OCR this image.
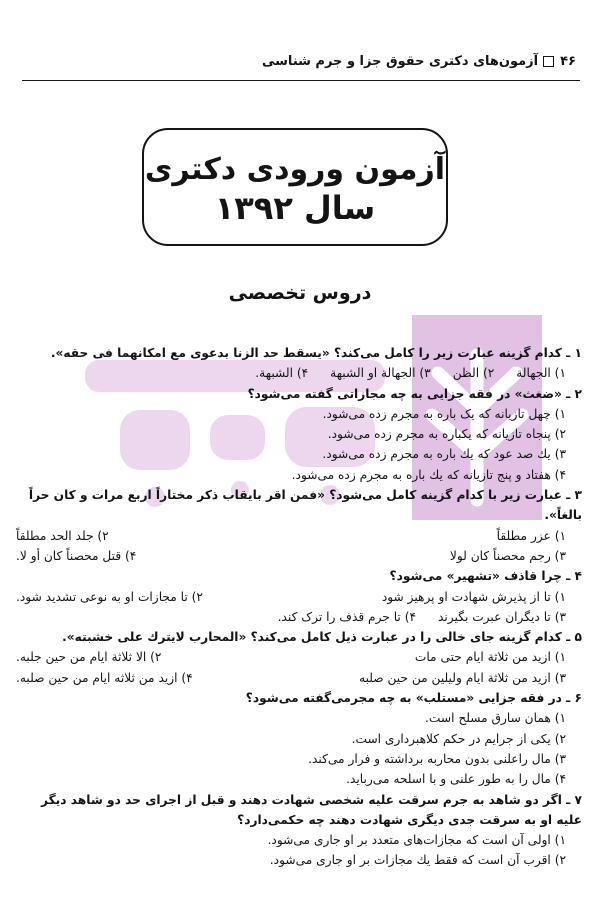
۴۶آزمون‌های دکتری حقوق جزا و جرم شناسی
آزمون ورودی دکتری
سال ۱۳۹۲
دروس تخصصی
۱ ـ کدام گزینه عبارت زیر را کامل می‌کند؟ «یسقط حد الزنا بدعوی مع امکانهما فی حقه».
۱) الجهالة
۲) الظن
۳) الجهالة او الشبهة
۴) الشبهة.
۲ ـ «ضغث» در فقه جزایی به چه مجازاتی گفته می‌شود؟
۱) چهل تازیانه که یک باره به مجرم زده می‌شود.
۲) پنجاه تازیانه که یکباره به مجرم زده می‌شود.
۳) یك صد عود که یك باره به مجرم زده می‌شود.
۴) هفتاد و پنج تازیانه که یك باره به مجرم زده می‌شود.
۳ ـ عبارت زیر با کدام گزینه کامل می‌شود؟ «فمن اقر بایقاب ذکر مختاراً اربع مرات و کان حراً بالغاً».
۱) عزر مطلقاً
۲) جلد الحد مطلقاً
۳) رجم محصناً کان لولا
۴) قتل محصناً کان أو لا.
۴ ـ چرا قاذف «تشهیر» می‌شود؟
۱) تا از پذیرش شهادت او پرهیز شود
۲) تا مجازات او به نوعی تشدید شود.
۳) تا دیگران عبرت بگیرند
۴) تا جرم قذف را ترک کند.
۵ ـ کدام گزینه جای خالی را در عبارت ذیل کامل می‌کند؟ «المحارب لایترك علی خشبته».
۱) ازید من ثلاثة ایام حتی مات
۲) الا ثلاثة ایام من حین جلبه.
۳) ازید من ثلاثة ایام ولیلین من حین صلبه
۴) ازید من ثلاثه ایام من حین صلبه.
۶ ـ در فقه جزایی «مستلب» به چه مجرمی‌گفته می‌شود؟
۱) همان سارق مسلح است.
۲) یکی از جرایم در حکم کلاهبرداری است.
۳) مال راعلنی بدون محاربه برداشته و فرار می‌کند.
۴) مال را به طور علنی و با اسلحه می‌رباید.
۷ ـ اگر دو شاهد به جرم سرقت علیه شخصی شهادت دهند و قبل از اجرای حد دو شاهد دیگر علیه او به سرقت جدی دیگری شهادت دهند چه حکمی‌دارد؟
۱) اولی آن است که مجازات‌های متعدد بر او جاری می‌شود.
۲) اقرب آن است که فقط یك مجازات بر او جاری می‌شود.
